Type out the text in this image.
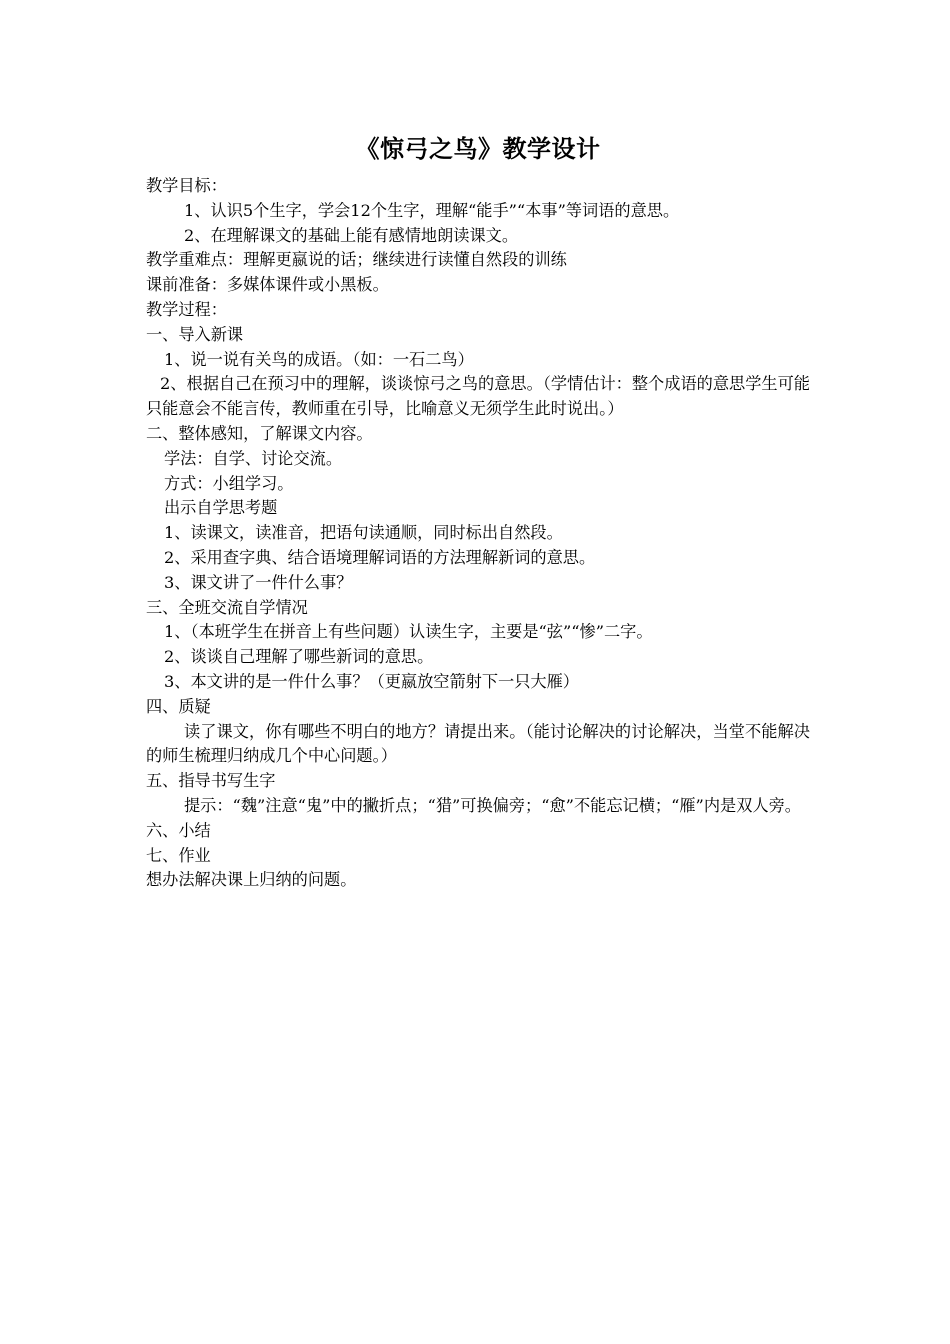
《惊弓之鸟》教学设计
教学目标：
1、认识5个生字，学会12个生字，理解“能手”“本事”等词语的意思。
2、在理解课文的基础上能有感情地朗读课文。
教学重难点：理解更嬴说的话；继续进行读懂自然段的训练
课前准备：多媒体课件或小黑板。
教学过程：
一、导入新课
1、说一说有关鸟的成语。（如：一石二鸟）
2、根据自己在预习中的理解，谈谈惊弓之鸟的意思。（学情估计：整个成语的意思学生可能只能意会不能言传，教师重在引导，比喻意义无须学生此时说出。）
二、整体感知，了解课文内容。
学法：自学、讨论交流。
方式：小组学习。
出示自学思考题
1、读课文，读准音，把语句读通顺，同时标出自然段。
2、采用查字典、结合语境理解词语的方法理解新词的意思。
3、课文讲了一件什么事？
三、全班交流自学情况
1、（本班学生在拼音上有些问题）认读生字，主要是“弦”“惨”二字。
2、谈谈自己理解了哪些新词的意思。
3、本文讲的是一件什么事？（更嬴放空箭射下一只大雁）
四、质疑
读了课文，你有哪些不明白的地方？请提出来。（能讨论解决的讨论解决，当堂不能解决的师生梳理归纳成几个中心问题。）
五、指导书写生字
提示：“魏”注意“鬼”中的撇折点；“猎”可换偏旁；“愈”不能忘记横；“雁”内是双人旁。
六、小结
七、作业
想办法解决课上归纳的问题。
